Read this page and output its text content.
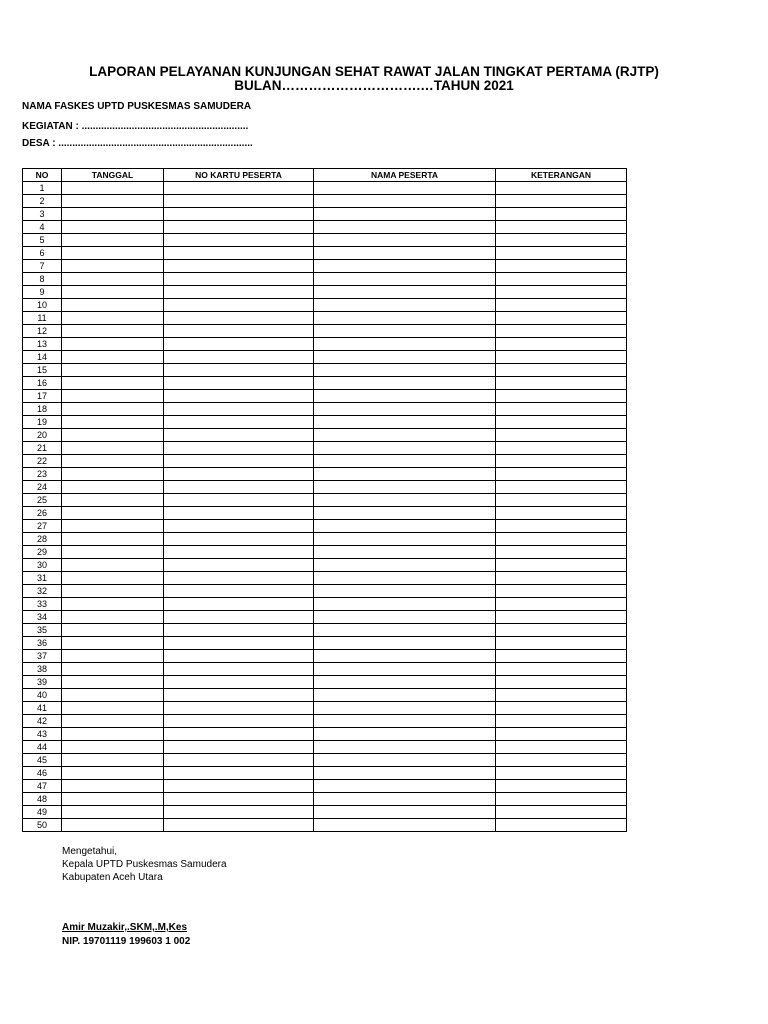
LAPORAN PELAYANAN KUNJUNGAN SEHAT RAWAT JALAN TINGKAT PERTAMA (RJTP)
BULAN………………………….…TAHUN 2021
NAMA FASKES UPTD PUSKESMAS SAMUDERA
KEGIATAN : ............................................................
DESA : ......................................................................
NO	TANGGAL	NO KARTU PESERTA	NAMA PESERTA	KETERANGAN
1				
2				
3				
4				
5				
6				
7				
8				
9				
10				
11				
12				
13				
14				
15				
16				
17				
18				
19				
20				
21				
22				
23				
24				
25				
26				
27				
28				
29				
30				
31				
32				
33				
34				
35				
36				
37				
38				
39				
40				
41				
42				
43				
44				
45				
46				
47				
48				
49				
50				
Mengetahui,
Kepala UPTD Puskesmas Samudera
Kabupaten Aceh Utara
Amir Muzakir,.SKM,.M,Kes
NIP. 19701119 199603 1 002
